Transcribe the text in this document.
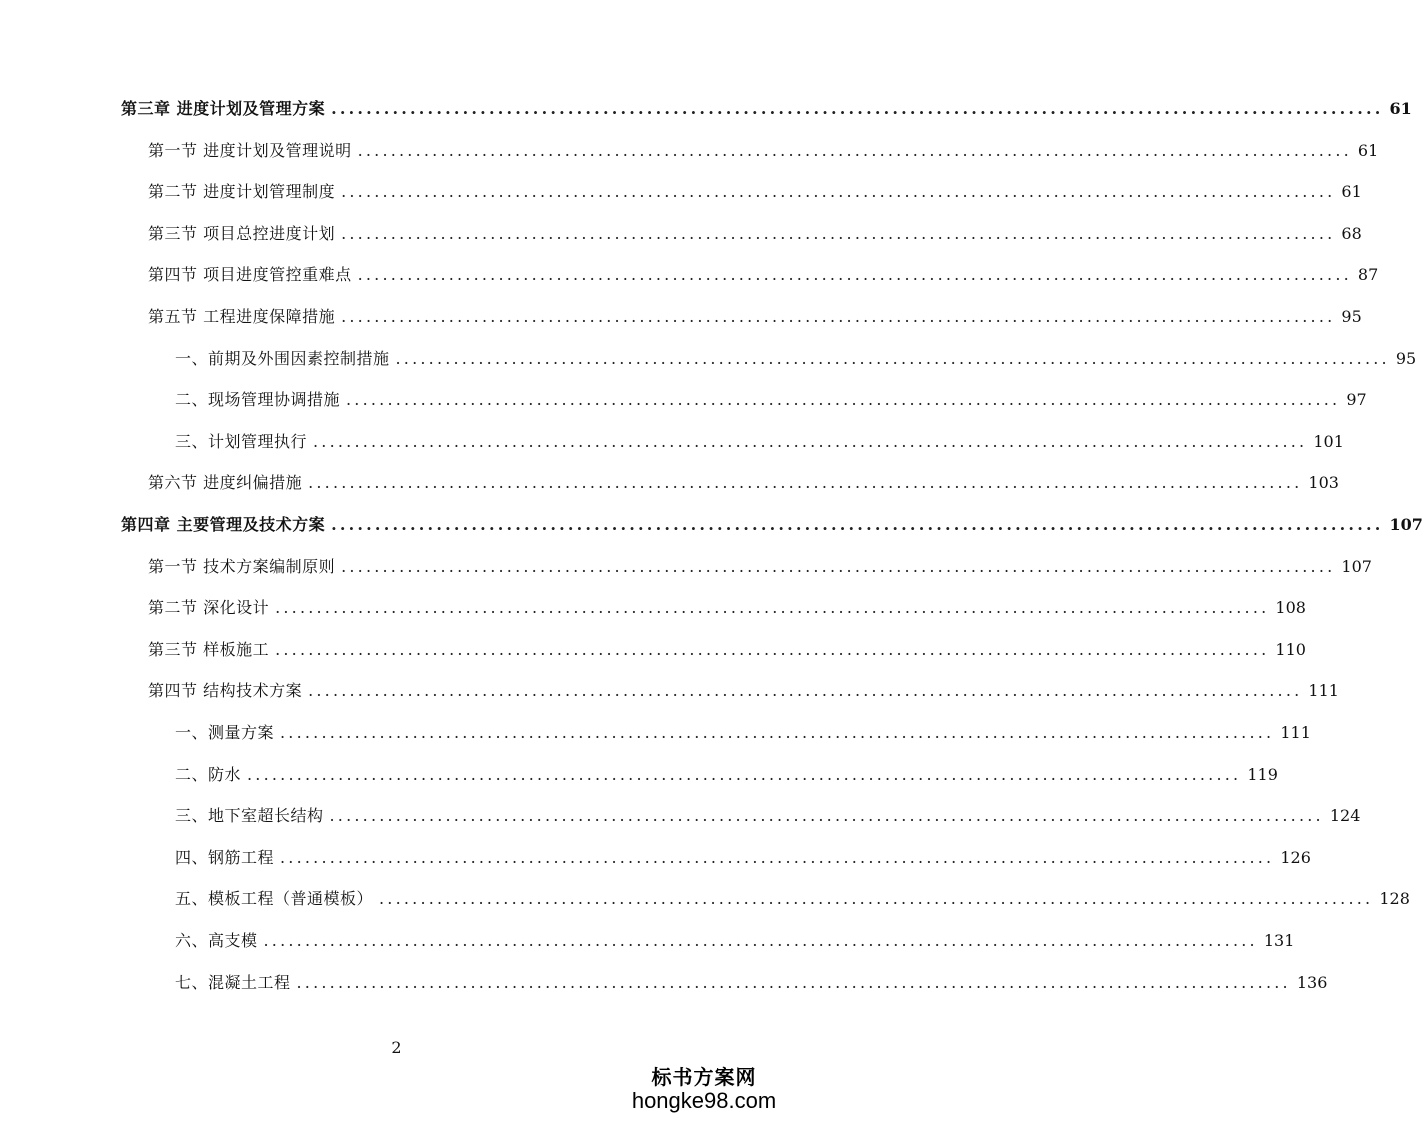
第三章 进度计划及管理方案 ........................................................................................................................ 61
第一节 进度计划及管理说明 ........................................................................................................................ 61
第二节 进度计划管理制度 ........................................................................................................................ 61
第三节 项目总控进度计划 ........................................................................................................................ 68
第四节 项目进度管控重难点 ........................................................................................................................ 87
第五节 工程进度保障措施 ........................................................................................................................ 95
一、前期及外围因素控制措施 ........................................................................................................................ 95
二、现场管理协调措施 ........................................................................................................................ 97
三、计划管理执行 ........................................................................................................................ 101
第六节 进度纠偏措施 ........................................................................................................................ 103
第四章 主要管理及技术方案 ........................................................................................................................ 107
第一节 技术方案编制原则 ........................................................................................................................ 107
第二节 深化设计 ........................................................................................................................ 108
第三节 样板施工 ........................................................................................................................ 110
第四节 结构技术方案 ........................................................................................................................ 111
一、测量方案 ........................................................................................................................ 111
二、防水 ........................................................................................................................ 119
三、地下室超长结构 ........................................................................................................................ 124
四、钢筋工程 ........................................................................................................................ 126
五、模板工程（普通模板） ........................................................................................................................ 128
六、高支模 ........................................................................................................................ 131
七、混凝土工程 ........................................................................................................................ 136
2
标书方案网
hongke98.com
